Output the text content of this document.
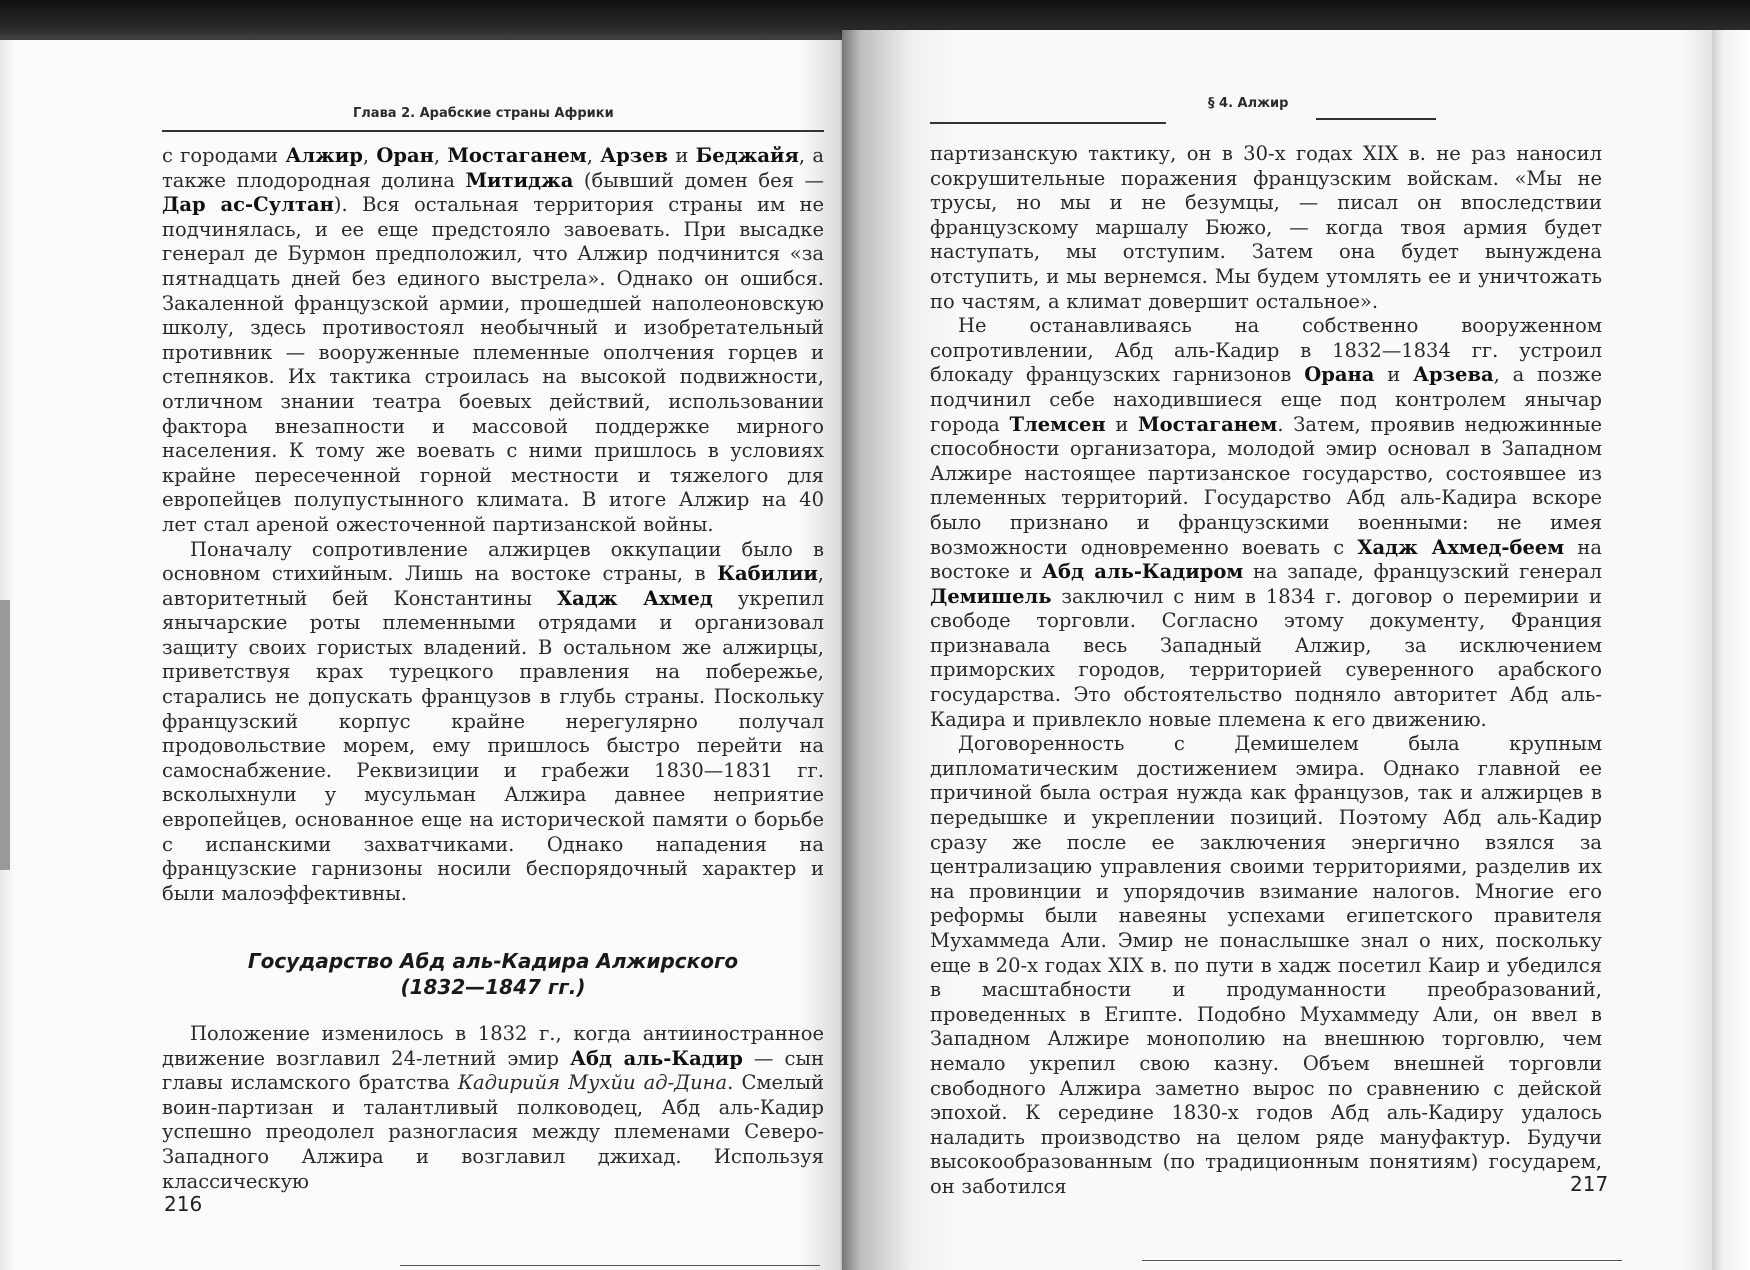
Глава 2. Арабские страны Африки

с городами Алжир, Оран, Мостаганем, Арзев и Беджайя, а также плодородная долина Митиджа (бывший домен бея — Дар ас-Султан). Вся остальная территория страны им не подчинялась, и ее еще предстояло завоевать. При высадке генерал де Бурмон предположил, что Алжир подчинится «за пятнадцать дней без единого выстрела». Однако он ошибся. Закаленной французской армии, прошедшей наполеоновскую школу, здесь противостоял необычный и изобретательный противник — вооруженные племенные ополчения горцев и степняков. Их тактика строилась на высокой подвижности, отличном знании театра боевых действий, использовании фактора внезапности и массовой поддержке мирного населения. К тому же воевать с ними пришлось в условиях крайне пересеченной горной местности и тяжелого для европейцев полупустынного климата. В итоге Алжир на 40 лет стал ареной ожесточенной партизанской войны.

Поначалу сопротивление алжирцев оккупации было в основном стихийным. Лишь на востоке страны, в Кабилии, авторитетный бей Константины Хадж Ахмед укрепил янычарские роты племенными отрядами и организовал защиту своих гористых владений. В остальном же алжирцы, приветствуя крах турецкого правления на побережье, старались не допускать французов в глубь страны. Поскольку французский корпус крайне нерегулярно получал продовольствие морем, ему пришлось быстро перейти на самоснабжение. Реквизиции и грабежи 1830—1831 гг. всколыхнули у мусульман Алжира давнее неприятие европейцев, основанное еще на исторической памяти о борьбе с испанскими захватчиками. Однако нападения на французские гарнизоны носили беспорядочный характер и были малоэффективны.

Государство Абд аль-Кадира Алжирского
(1832—1847 гг.)

Положение изменилось в 1832 г., когда антииностранное движение возглавил 24-летний эмир Абд аль-Кадир — сын главы исламского братства Кадирийя Мухйи ад-Дина. Смелый воин-партизан и талантливый полководец, Абд аль-Кадир успешно преодолел разногласия между племенами Северо-Западного Алжира и возглавил джихад. Используя классическую

216
§ 4. Алжир

партизанскую тактику, он в 30-х годах XIX в. не раз наносил сокрушительные поражения французским войскам. «Мы не трусы, но мы и не безумцы, — писал он впоследствии французскому маршалу Бюжо, — когда твоя армия будет наступать, мы отступим. Затем она будет вынуждена отступить, и мы вернемся. Мы будем утомлять ее и уничтожать по частям, а климат довершит остальное».

Не останавливаясь на собственно вооруженном сопротивлении, Абд аль-Кадир в 1832—1834 гг. устроил блокаду французских гарнизонов Орана и Арзева, а позже подчинил себе находившиеся еще под контролем янычар города Тлемсен и Мостаганем. Затем, проявив недюжинные способности организатора, молодой эмир основал в Западном Алжире настоящее партизанское государство, состоявшее из племенных территорий. Государство Абд аль-Кадира вскоре было признано и французскими военными: не имея возможности одновременно воевать с Хадж Ахмед-беем на востоке и Абд аль-Кадиром на западе, французский генерал Демишель заключил с ним в 1834 г. договор о перемирии и свободе торговли. Согласно этому документу, Франция признавала весь Западный Алжир, за исключением приморских городов, территорией суверенного арабского государства. Это обстоятельство подняло авторитет Абд аль-Кадира и привлекло новые племена к его движению.

Договоренность с Демишелем была крупным дипломатическим достижением эмира. Однако главной ее причиной была острая нужда как французов, так и алжирцев в передышке и укреплении позиций. Поэтому Абд аль-Кадир сразу же после ее заключения энергично взялся за централизацию управления своими территориями, разделив их на провинции и упорядочив взимание налогов. Многие его реформы были навеяны успехами египетского правителя Мухаммеда Али. Эмир не понаслышке знал о них, поскольку еще в 20-х годах XIX в. по пути в хадж посетил Каир и убедился в масштабности и продуманности преобразований, проведенных в Египте. Подобно Мухаммеду Али, он ввел в Западном Алжире монополию на внешнюю торговлю, чем немало укрепил свою казну. Объем внешней торговли свободного Алжира заметно вырос по сравнению с дейской эпохой. К середине 1830-х годов Абд аль-Кадиру удалось наладить производство на целом ряде мануфактур. Будучи высокообразованным (по традиционным понятиям) государем, он заботился	217
